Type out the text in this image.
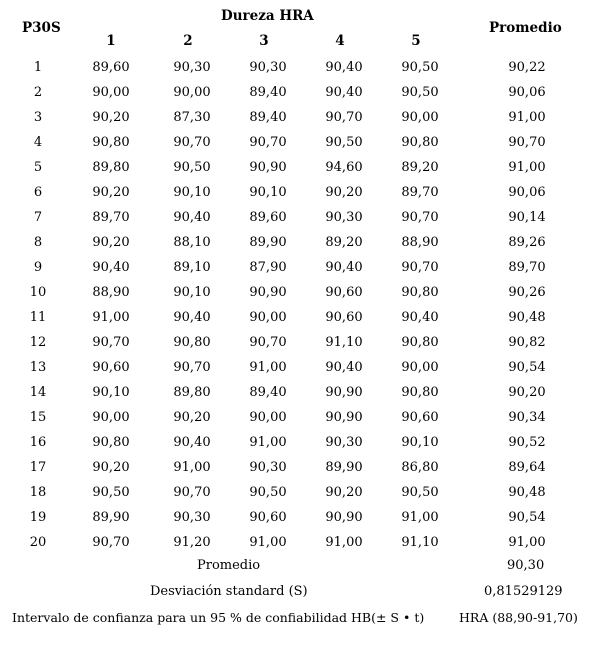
P30S
Dureza HRA
Promedio
1	2	3	4	5
1	89,60	90,30	90,30	90,40	90,50	90,22
2	90,00	90,00	89,40	90,40	90,50	90,06
3	90,20	87,30	89,40	90,70	90,00	91,00
4	90,80	90,70	90,70	90,50	90,80	90,70
5	89,80	90,50	90,90	94,60	89,20	91,00
6	90,20	90,10	90,10	90,20	89,70	90,06
7	89,70	90,40	89,60	90,30	90,70	90,14
8	90,20	88,10	89,90	89,20	88,90	89,26
9	90,40	89,10	87,90	90,40	90,70	89,70
10	88,90	90,10	90,90	90,60	90,80	90,26
11	91,00	90,40	90,00	90,60	90,40	90,48
12	90,70	90,80	90,70	91,10	90,80	90,82
13	90,60	90,70	91,00	90,40	90,00	90,54
14	90,10	89,80	89,40	90,90	90,80	90,20
15	90,00	90,20	90,00	90,90	90,60	90,34
16	90,80	90,40	91,00	90,30	90,10	90,52
17	90,20	91,00	90,30	89,90	86,80	89,64
18	90,50	90,70	90,50	90,20	90,50	90,48
19	89,90	90,30	90,60	90,90	91,00	90,54
20	90,70	91,20	91,00	91,00	91,10	91,00
Promedio	90,30
Desviación standard (S)	0,81529129
Intervalo de confianza para un 95 % de confiabilidad HB(± S • t)	HRA (88,90-91,70)
